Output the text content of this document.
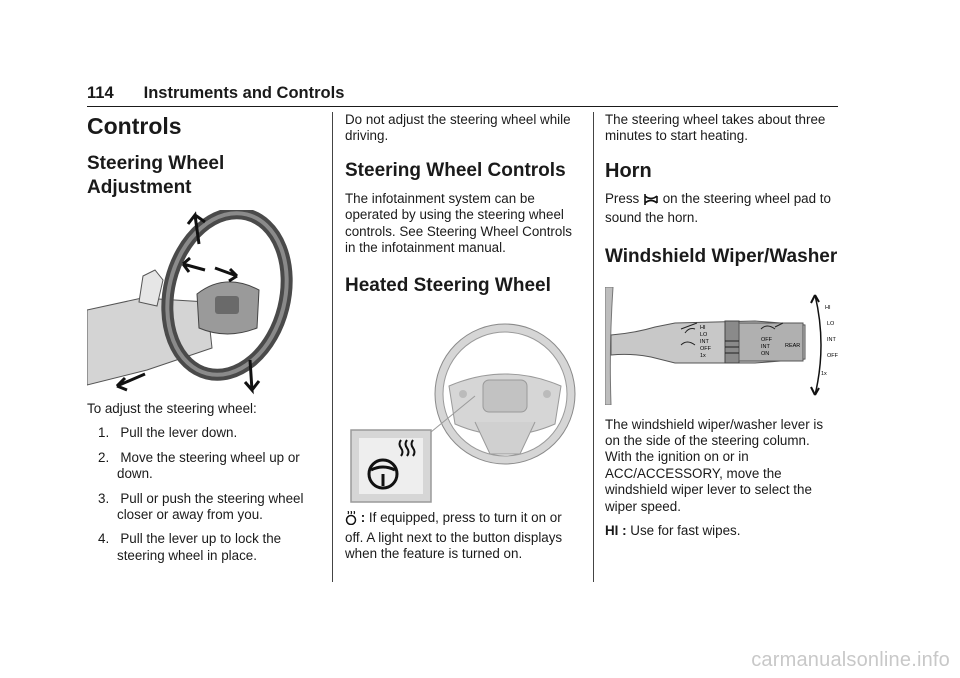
114 Instruments and Controls
Controls
Steering Wheel
Adjustment

To adjust the steering wheel:

1. Pull the lever down.
2. Move the steering wheel up or down.
3. Pull or push the steering wheel closer or away from you.
4. Pull the lever up to lock the steering wheel in place.

Do not adjust the steering wheel while driving.

Steering Wheel Controls

The infotainment system can be operated by using the steering wheel controls. See Steering Wheel Controls in the infotainment manual.

Heated Steering Wheel

: If equipped, press to turn it on or off. A light next to the button displays when the feature is turned on.

The steering wheel takes about three minutes to start heating.

Horn

Press on the steering wheel pad to sound the horn.

Windshield Wiper/Washer
HI
LO
INT
OFF
1x
OFF
INT
ON
REAR
HI
LO
INT
OFF
1x

The windshield wiper/washer lever is on the side of the steering column. With the ignition on or in ACC/ACCESSORY, move the windshield wiper lever to select the wiper speed.

HI : Use for fast wipes.

carmanualsonline.info
